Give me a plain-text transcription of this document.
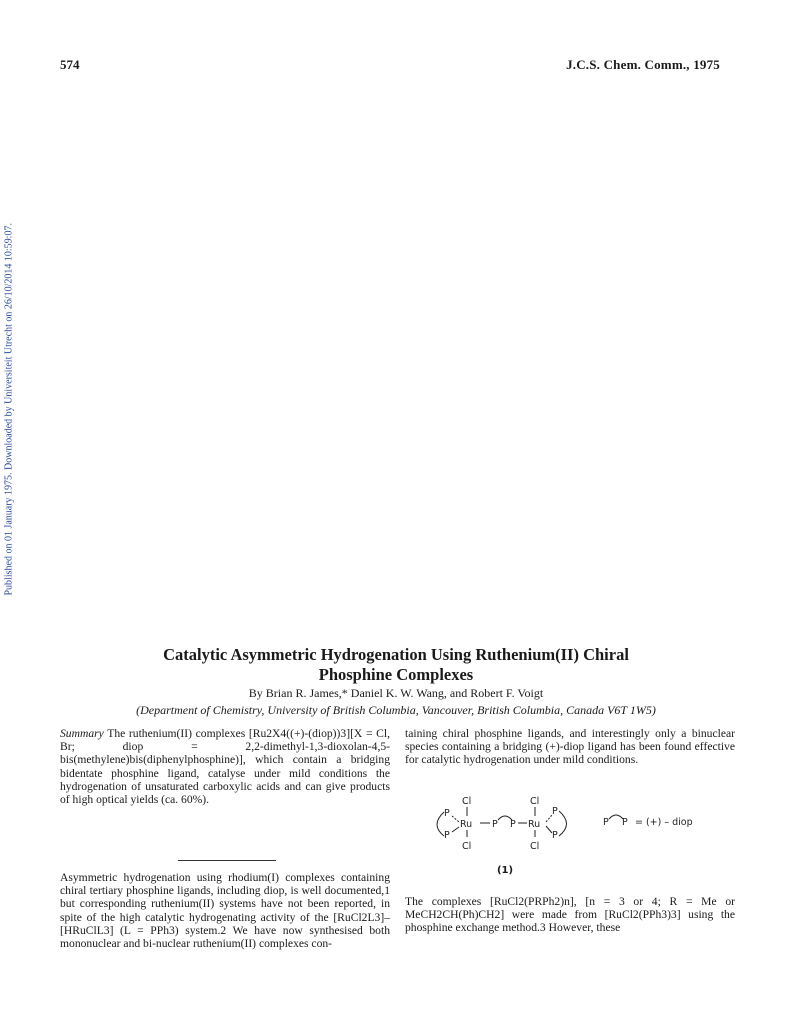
574	J.C.S. Chem. Comm., 1975
Published on 01 January 1975. Downloaded by Universiteit Utrecht on 26/10/2014 10:59:07.
Catalytic Asymmetric Hydrogenation Using Ruthenium(II) Chiral
Phosphine Complexes
By Brian R. James,* Daniel K. W. Wang, and Robert F. Voigt
(Department of Chemistry, University of British Columbia, Vancouver, British Columbia, Canada V6T 1W5)
Summary The ruthenium(II) complexes [Ru2X4((+)-(diop))3][X = Cl, Br; diop = 2,2-dimethyl-1,3-dioxolan-4,5-bis(methylene)bis(diphenylphosphine)], which contain a bridging bidentate phosphine ligand, catalyse under mild conditions the hydrogenation of unsaturated carboxylic acids and can give products of high optical yields (ca. 60%).
Asymmetric hydrogenation using rhodium(I) complexes containing chiral tertiary phosphine ligands, including diop, is well documented,1 but corresponding ruthenium(II) systems have not been reported, in spite of the high catalytic hydrogenating activity of the [RuCl2L3]–[HRuClL3] (L = PPh3) system.2 We have now synthesised both mononuclear and bi-nuclear ruthenium(II) complexes con-
taining chiral phosphine ligands, and interestingly only a binuclear species containing a bridging (+)-diop ligand has been found effective for catalytic hydrogenation under mild conditions.
Cl	Cl
Ru	Ru
P
P
P P
P
P
Cl	Cl
P P = (+) – diop
(1)
The complexes [RuCl2(PRPh2)n], [n = 3 or 4; R = Me or MeCH2CH(Ph)CH2] were made from [RuCl2(PPh3)3] using the phosphine exchange method.3 However, these
